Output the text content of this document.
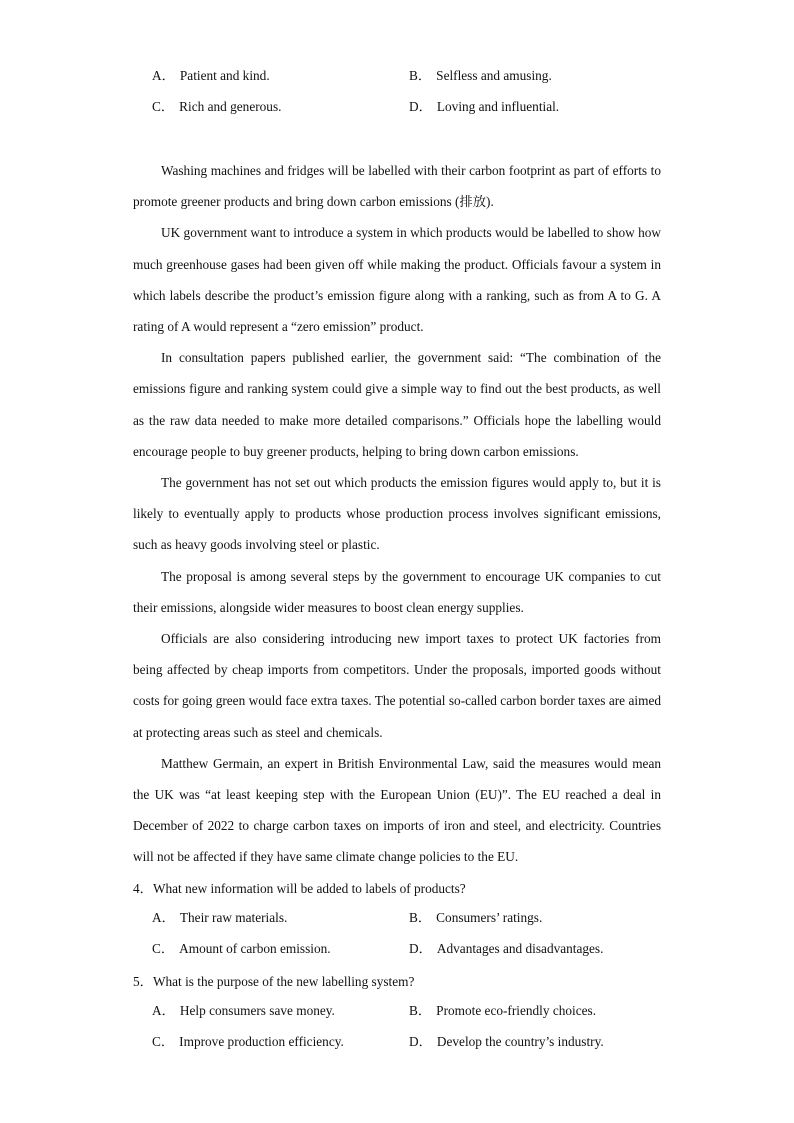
A． Patient and kind.	B． Selfless and amusing.
C． Rich and generous.	D． Loving and influential.

Washing machines and fridges will be labelled with their carbon footprint as part of efforts to promote greener products and bring down carbon emissions (排放).

UK government want to introduce a system in which products would be labelled to show how much greenhouse gases had been given off while making the product. Officials favour a system in which labels describe the product’s emission figure along with a ranking, such as from A to G. A rating of A would represent a “zero emission” product.

In consultation papers published earlier, the government said: “The combination of the emissions figure and ranking system could give a simple way to find out the best products, as well as the raw data needed to make more detailed comparisons.” Officials hope the labelling would encourage people to buy greener products, helping to bring down carbon emissions.

The government has not set out which products the emission figures would apply to, but it is likely to eventually apply to products whose production process involves significant emissions, such as heavy goods involving steel or plastic.

The proposal is among several steps by the government to encourage UK companies to cut their emissions, alongside wider measures to boost clean energy supplies.

Officials are also considering introducing new import taxes to protect UK factories from being affected by cheap imports from competitors. Under the proposals, imported goods without costs for going green would face extra taxes. The potential so-called carbon border taxes are aimed at protecting areas such as steel and chemicals.

Matthew Germain, an expert in British Environmental Law, said the measures would mean the UK was “at least keeping step with the European Union (EU)”. The EU reached a deal in December of 2022 to charge carbon taxes on imports of iron and steel, and electricity. Countries will not be affected if they have same climate change policies to the EU.

4．What new information will be added to labels of products?

A． Their raw materials.	B． Consumers’ ratings.
C． Amount of carbon emission.	D． Advantages and disadvantages.

5．What is the purpose of the new labelling system?

A． Help consumers save money.	B． Promote eco-friendly choices.
C． Improve production efficiency.	D． Develop the country’s industry.
